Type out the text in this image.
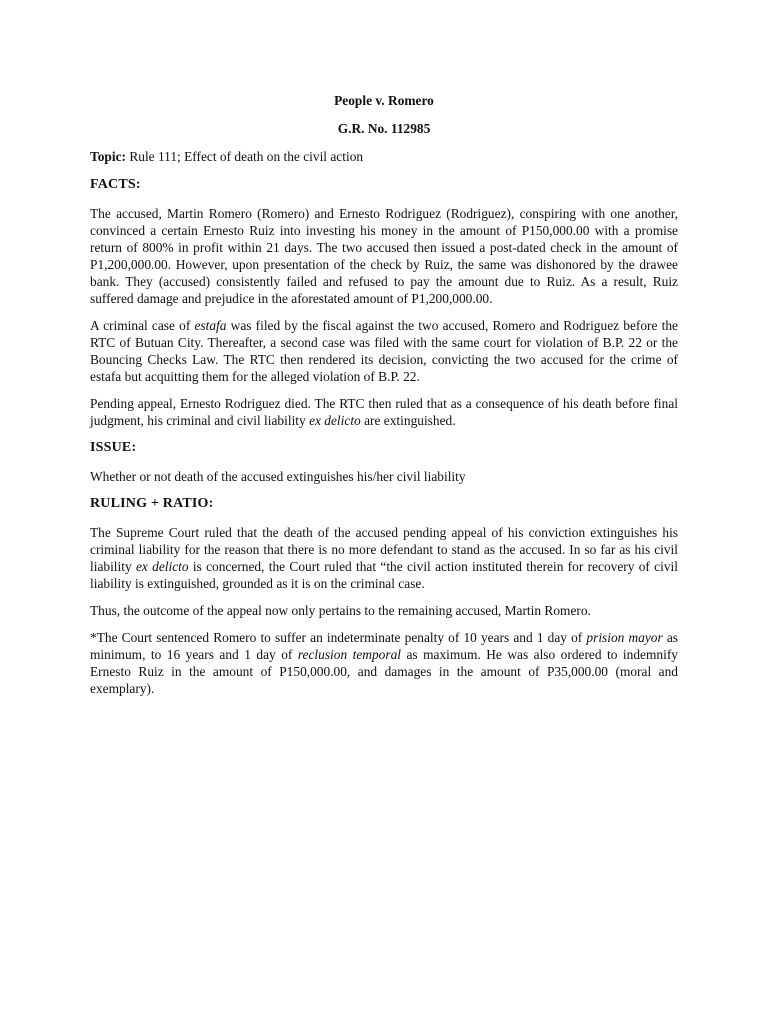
People v. Romero
G.R. No. 112985
Topic: Rule 111; Effect of death on the civil action
FACTS:
The accused, Martin Romero (Romero) and Ernesto Rodriguez (Rodriguez), conspiring with one another, convinced a certain Ernesto Ruiz into investing his money in the amount of P150,000.00 with a promise return of 800% in profit within 21 days. The two accused then issued a post-dated check in the amount of P1,200,000.00. However, upon presentation of the check by Ruiz, the same was dishonored by the drawee bank. They (accused) consistently failed and refused to pay the amount due to Ruiz. As a result, Ruiz suffered damage and prejudice in the aforestated amount of P1,200,000.00.
A criminal case of estafa was filed by the fiscal against the two accused, Romero and Rodriguez before the RTC of Butuan City. Thereafter, a second case was filed with the same court for violation of B.P. 22 or the Bouncing Checks Law. The RTC then rendered its decision, convicting the two accused for the crime of estafa but acquitting them for the alleged violation of B.P. 22.
Pending appeal, Ernesto Rodriguez died. The RTC then ruled that as a consequence of his death before final judgment, his criminal and civil liability ex delicto are extinguished.
ISSUE:
Whether or not death of the accused extinguishes his/her civil liability
RULING + RATIO:
The Supreme Court ruled that the death of the accused pending appeal of his conviction extinguishes his criminal liability for the reason that there is no more defendant to stand as the accused. In so far as his civil liability ex delicto is concerned, the Court ruled that “the civil action instituted therein for recovery of civil liability is extinguished, grounded as it is on the criminal case.
Thus, the outcome of the appeal now only pertains to the remaining accused, Martin Romero.
*The Court sentenced Romero to suffer an indeterminate penalty of 10 years and 1 day of prision mayor as minimum, to 16 years and 1 day of reclusion temporal as maximum. He was also ordered to indemnify Ernesto Ruiz in the amount of P150,000.00, and damages in the amount of P35,000.00 (moral and exemplary).
